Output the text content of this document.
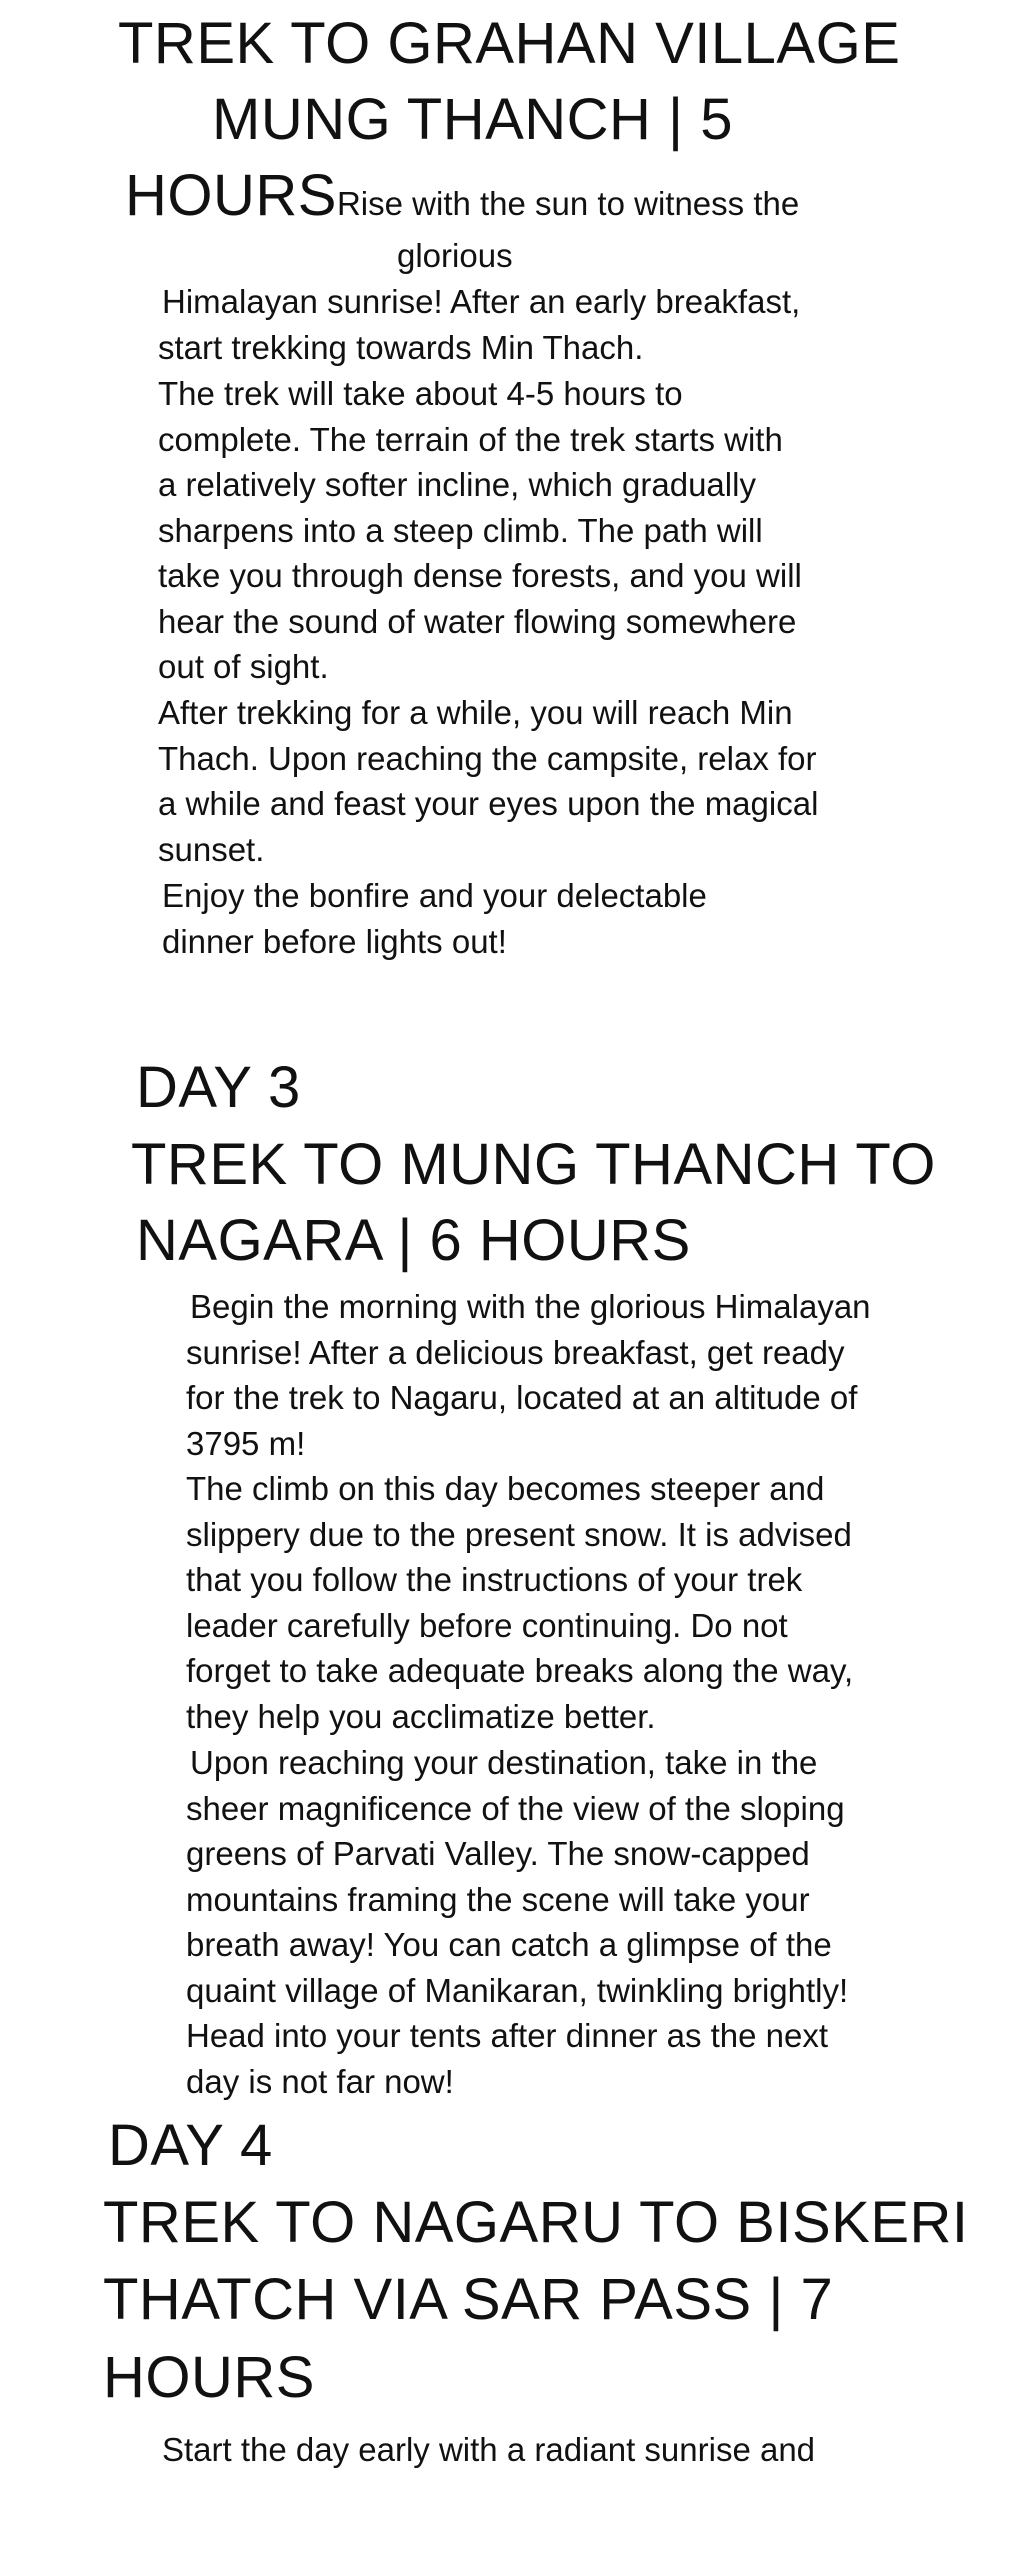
TREK TO GRAHAN VILLAGE
MUNG THANCH | 5
HOURSRise with the sun to witness the
glorious
Himalayan sunrise! After an early breakfast,
start trekking towards Min Thach.
The trek will take about 4-5 hours to
complete. The terrain of the trek starts with
a relatively softer incline, which gradually
sharpens into a steep climb. The path will
take you through dense forests, and you will
hear the sound of water flowing somewhere
out of sight.
After trekking for a while, you will reach Min
Thach. Upon reaching the campsite, relax for
a while and feast your eyes upon the magical
sunset.
Enjoy the bonfire and your delectable
dinner before lights out!
DAY 3
TREK TO MUNG THANCH TO
NAGARA | 6 HOURS
Begin the morning with the glorious Himalayan
sunrise! After a delicious breakfast, get ready
for the trek to Nagaru, located at an altitude of
3795 m!
The climb on this day becomes steeper and
slippery due to the present snow. It is advised
that you follow the instructions of your trek
leader carefully before continuing. Do not
forget to take adequate breaks along the way,
they help you acclimatize better.
Upon reaching your destination, take in the
sheer magnificence of the view of the sloping
greens of Parvati Valley. The snow-capped
mountains framing the scene will take your
breath away! You can catch a glimpse of the
quaint village of Manikaran, twinkling brightly!
Head into your tents after dinner as the next
day is not far now!
DAY 4
TREK TO NAGARU TO BISKERI
THATCH VIA SAR PASS | 7
HOURS
Start the day early with a radiant sunrise and
